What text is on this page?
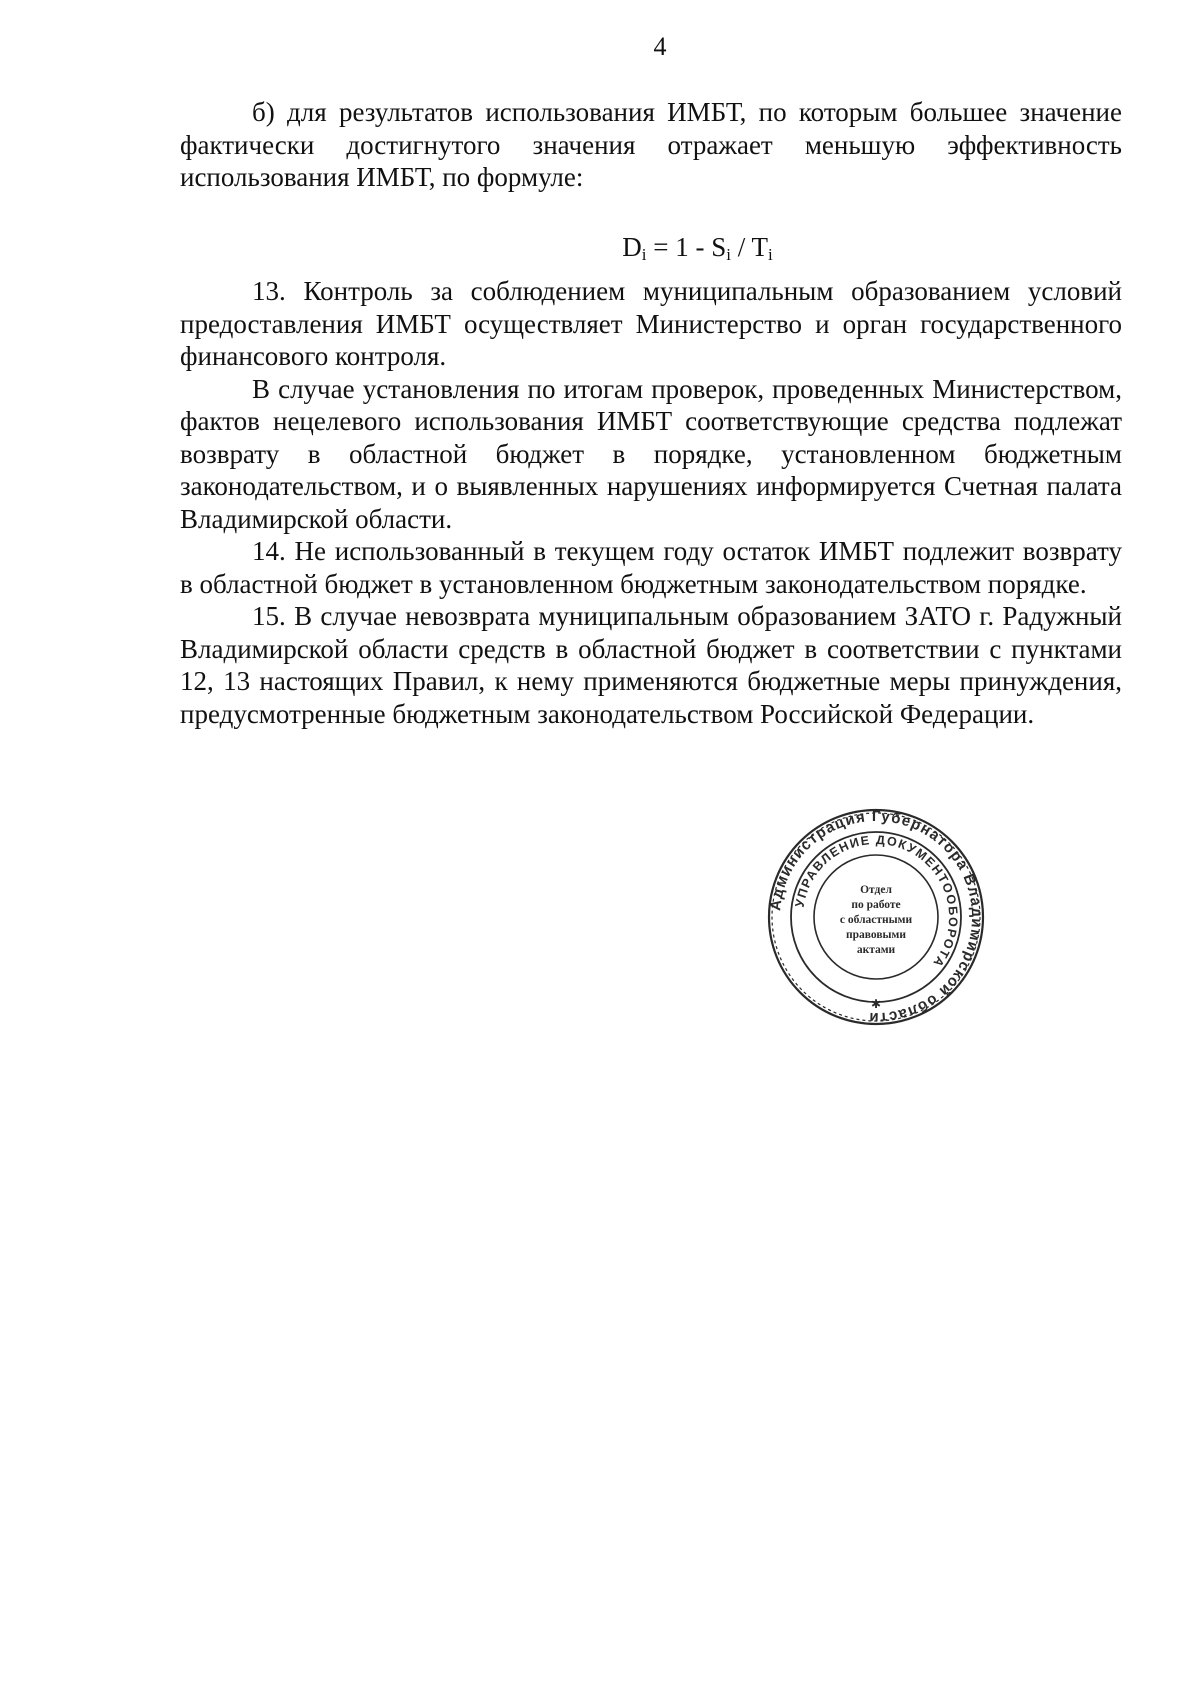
4

б) для результатов использования ИМБТ, по которым большее значение фактически достигнутого значения отражает меньшую эффективность использования ИМБТ, по формуле:

$D_i = 1 - S_i / T_i$

13. Контроль за соблюдением муниципальным образованием условий предоставления ИМБТ осуществляет Министерство и орган государственного финансового контроля.

В случае установления по итогам проверок, проведенных Министерством, фактов нецелевого использования ИМБТ соответствующие средства подлежат возврату в областной бюджет в порядке, установленном бюджетным законодательством, и о выявленных нарушениях информируется Счетная палата Владимирской области.

14. Не использованный в текущем году остаток ИМБТ подлежит возврату в областной бюджет в установленном бюджетным законодательством порядке.

15. В случае невозврата муниципальным образованием ЗАТО г. Радужный Владимирской области средств в областной бюджет в соответствии с пунктами 12, 13 настоящих Правил, к нему применяются бюджетные меры принуждения, предусмотренные бюджетным законодательством Российской Федерации.

Администрация Губернатора Владимирской области
УПРАВЛЕНИЕ ДОКУМЕНТООБОРОТА
Отдел
по работе
с областными
правовыми
актами
✱
